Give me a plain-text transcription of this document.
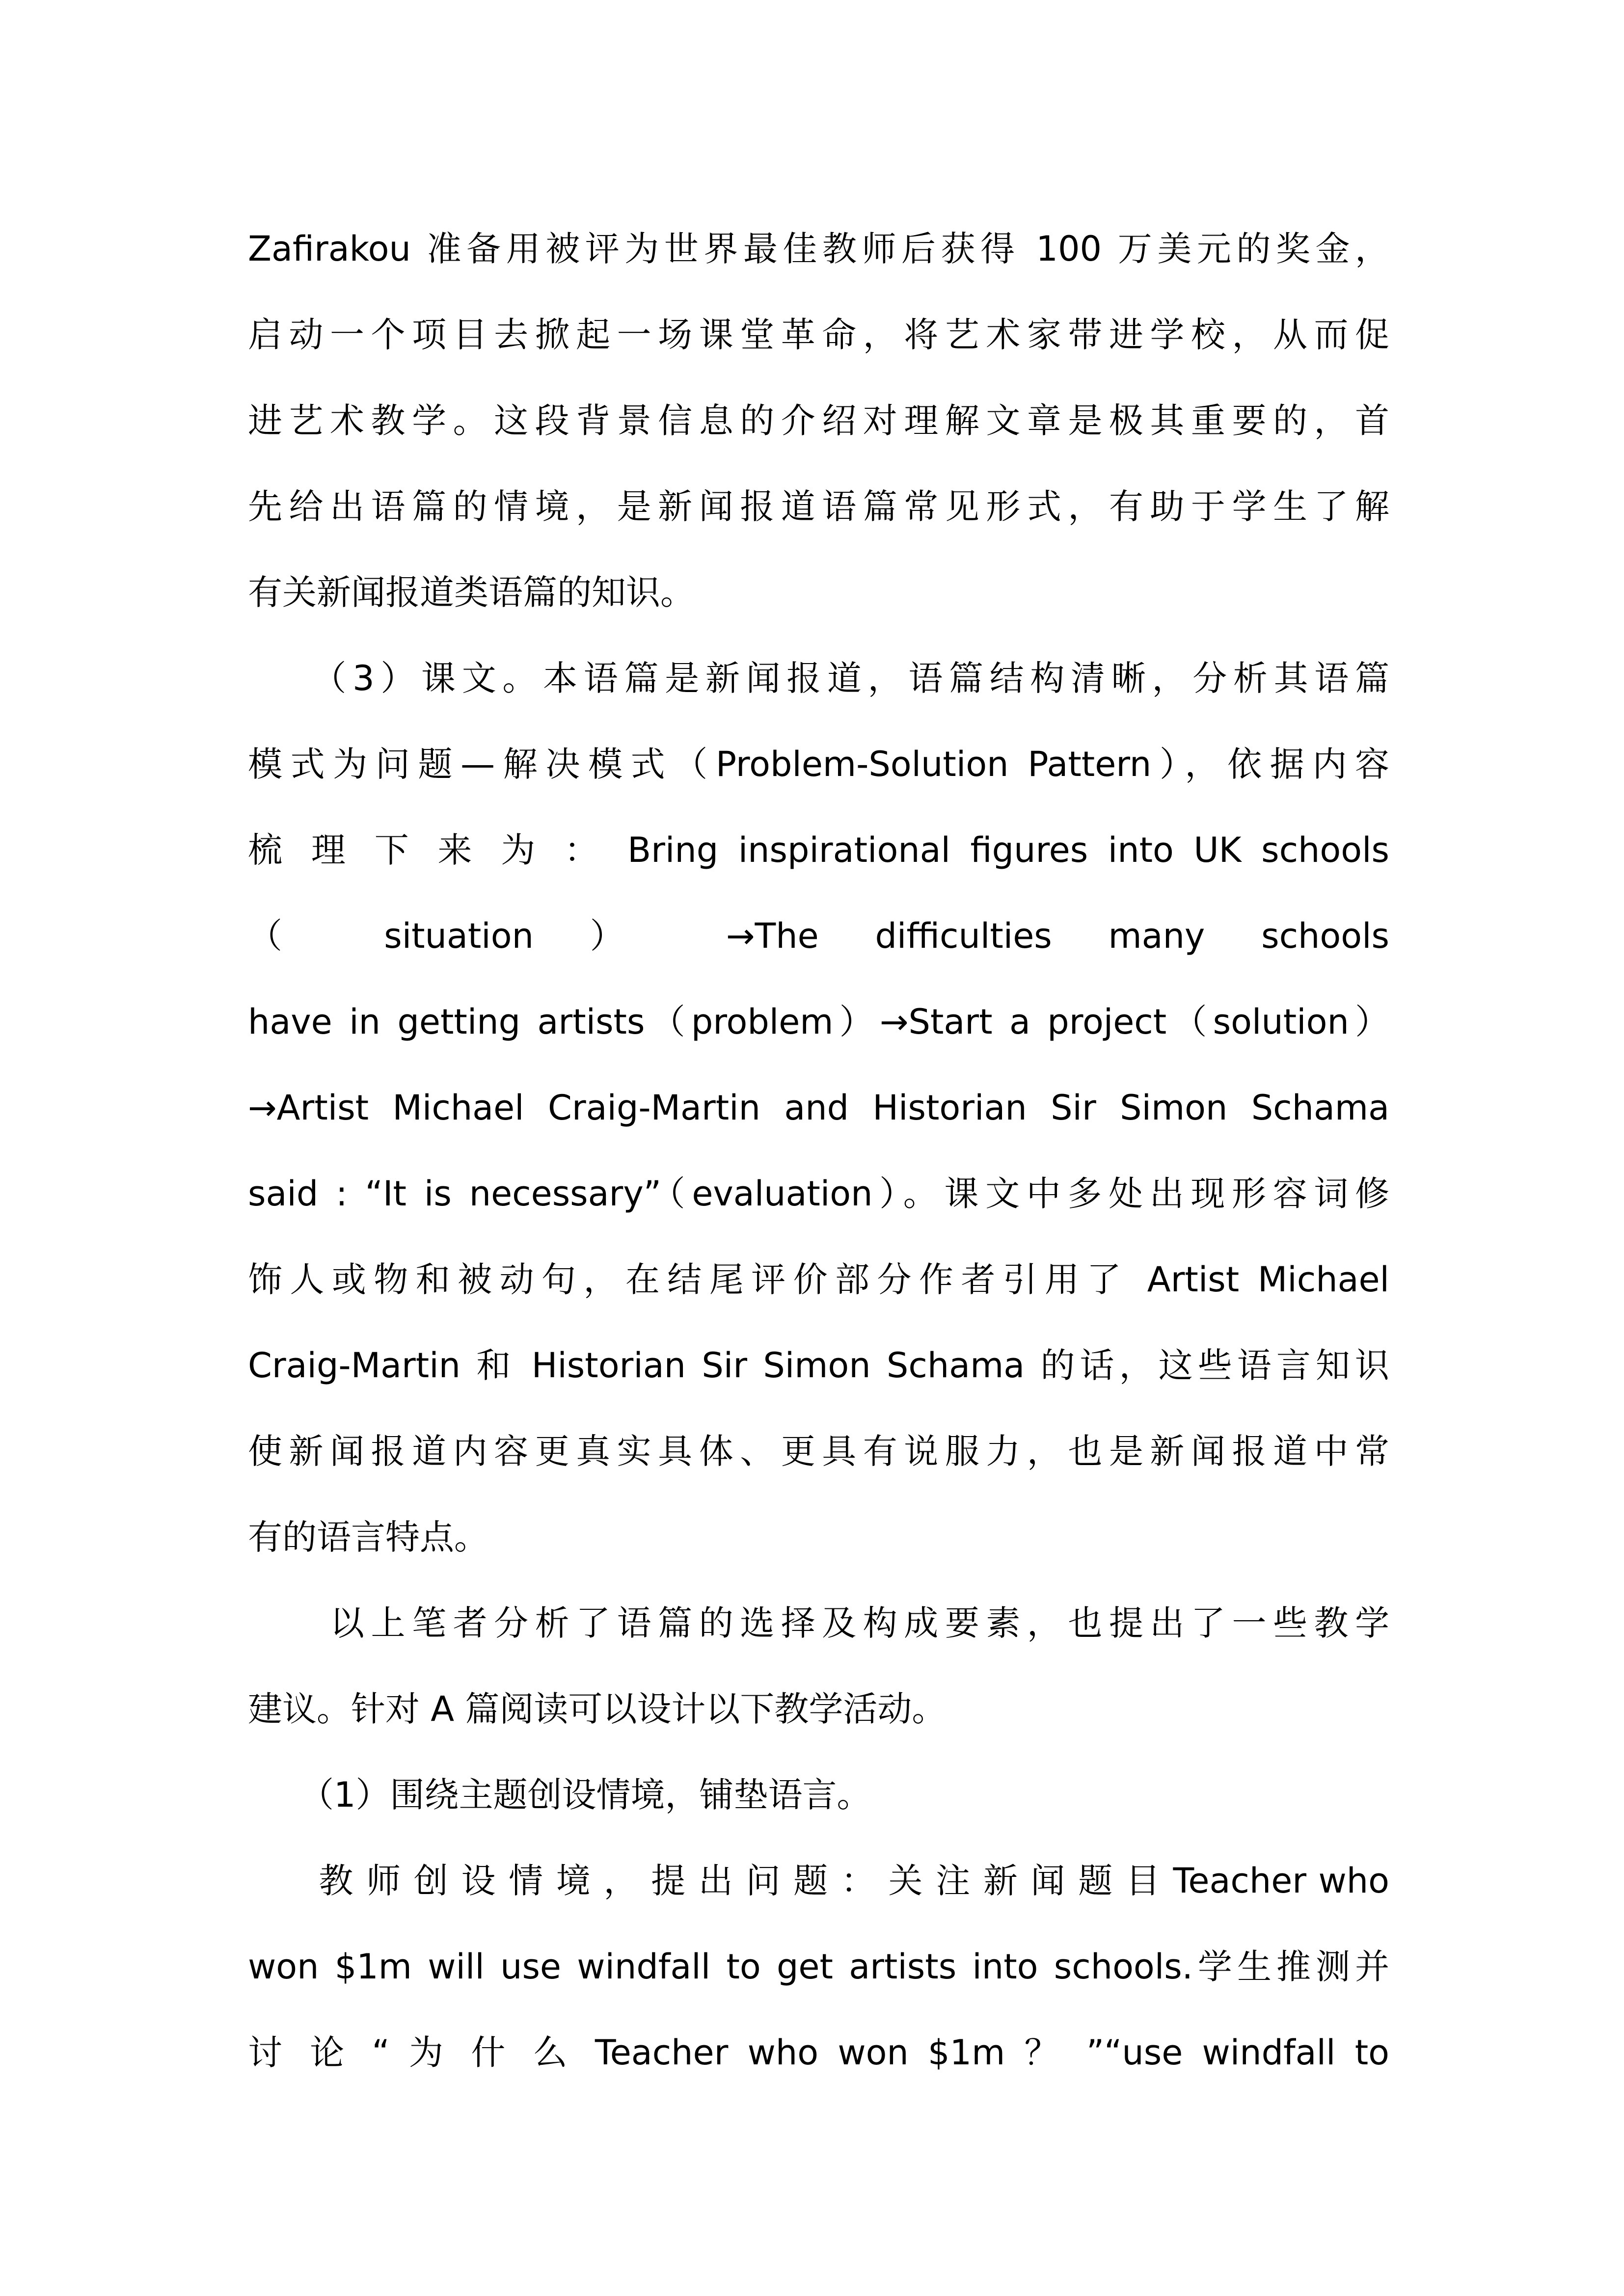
Zafirakou 准备用被评为世界最佳教师后获得 100 万美元的奖金，
启动一个项目去掀起一场课堂革命，将艺术家带进学校，从而促
进艺术教学。这段背景信息的介绍对理解文章是极其重要的，首
先给出语篇的情境，是新闻报道语篇常见形式，有助于学生了解
有关新闻报道类语篇的知识。
　　（3）课文。本语篇是新闻报道，语篇结构清晰，分析其语篇
模式为问题—解决模式（Problem-Solution Pattern），依据内容
梳 理 下 来 为 ： Bring inspirational figures into UK schools
（ situation ） →The difficulties many schools
have in getting artists（problem）→Start a project（solution）
→Artist Michael Craig-Martin and Historian Sir Simon Schama
said : “It is necessary”（evaluation）。课文中多处出现形容词修
饰人或物和被动句，在结尾评价部分作者引用了 Artist Michael
Craig-Martin 和 Historian Sir Simon Schama 的话，这些语言知识
使新闻报道内容更真实具体、更具有说服力，也是新闻报道中常
有的语言特点。
　　以上笔者分析了语篇的选择及构成要素，也提出了一些教学
建议。针对 A 篇阅读可以设计以下教学活动。
　　（1）围绕主题创设情境，铺垫语言。
　　教 师 创 设 情 境 ， 提 出 问 题 ： 关 注 新 闻 题 目 Teacher who
won $1m will use windfall to get artists into schools.学生推测并
讨 论 “ 为 什 么 Teacher who won $1m ？ ”“use windfall to
